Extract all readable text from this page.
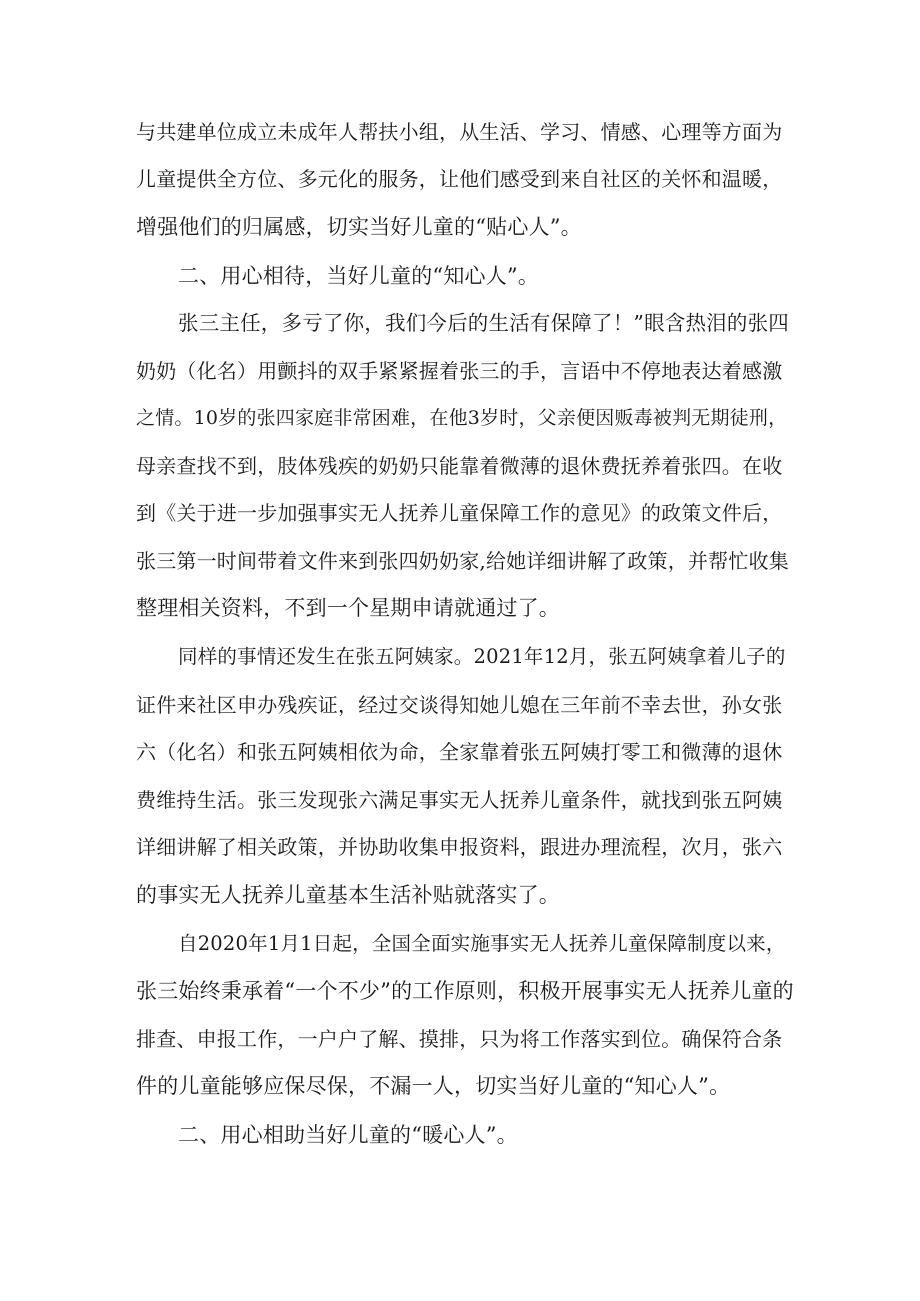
与共建单位成立未成年人帮扶小组，从生活、学习、情感、心理等方面为
儿童提供全方位、多元化的服务，让他们感受到来自社区的关怀和温暖，
增强他们的归属感，切实当好儿童的“贴心人”。
二、用心相待，当好儿童的“知心人”。
张三主任，多亏了你，我们今后的生活有保障了！”眼含热泪的张四
奶奶（化名）用颤抖的双手紧紧握着张三的手，言语中不停地表达着感激
之情。10岁的张四家庭非常困难，在他3岁时，父亲便因贩毒被判无期徒刑，
母亲查找不到，肢体残疾的奶奶只能靠着微薄的退休费抚养着张四。在收
到《关于进一步加强事实无人抚养儿童保障工作的意见》的政策文件后，
张三第一时间带着文件来到张四奶奶家,给她详细讲解了政策，并帮忙收集
整理相关资料，不到一个星期申请就通过了。
同样的事情还发生在张五阿姨家。2021年12月，张五阿姨拿着儿子的
证件来社区申办残疾证，经过交谈得知她儿媳在三年前不幸去世，孙女张
六（化名）和张五阿姨相依为命，全家靠着张五阿姨打零工和微薄的退休
费维持生活。张三发现张六满足事实无人抚养儿童条件，就找到张五阿姨
详细讲解了相关政策，并协助收集申报资料，跟进办理流程，次月，张六
的事实无人抚养儿童基本生活补贴就落实了。
自2020年1月1日起，全国全面实施事实无人抚养儿童保障制度以来，
张三始终秉承着“一个不少”的工作原则，积极开展事实无人抚养儿童的
排查、申报工作，一户户了解、摸排，只为将工作落实到位。确保符合条
件的儿童能够应保尽保，不漏一人，切实当好儿童的“知心人”。
二、用心相助当好儿童的“暖心人”。
